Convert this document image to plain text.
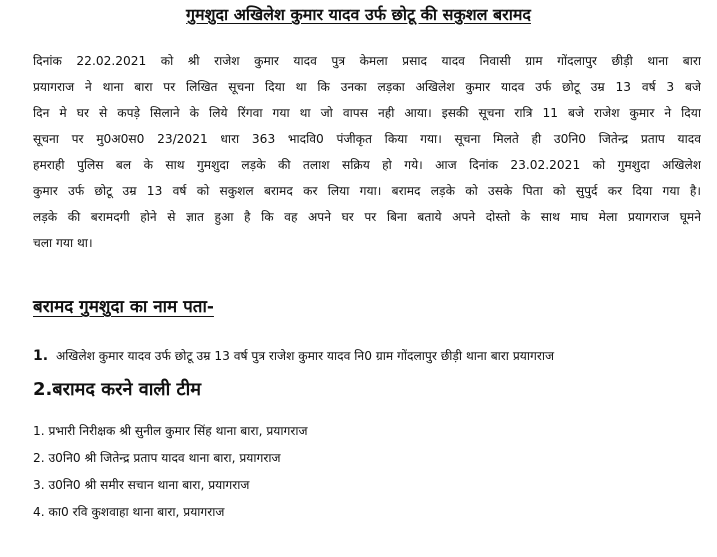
गुमशुदा अखिलेश कुमार यादव उर्फ छोटू की सकुशल बरामद
दिनांक 22.02.2021 को श्री राजेश कुमार यादव पुत्र केमला प्रसाद यादव निवासी ग्राम गोंदलापुर छीड़ी थाना बारा
प्रयागराज ने थाना बारा पर लिखित सूचना दिया था कि उनका लड़का अखिलेश कुमार यादव उर्फ छोटू उम्र 13 वर्ष 3 बजे
दिन मे घर से कपड़े सिलाने के लिये रिंगवा गया था जो वापस नही आया। इसकी सूचना रात्रि 11 बजे राजेश कुमार ने दिया
सूचना पर मु0अ0स0 23/2021 धारा 363 भादवि0 पंजीकृत किया गया। सूचना मिलते ही उ0नि0 जितेन्द्र प्रताप यादव
हमराही पुलिस बल के साथ गुमशुदा लड़के की तलाश सक्रिय हो गये। आज दिनांक 23.02.2021 को गुमशुदा अखिलेश
कुमार उर्फ छोटू उम्र 13 वर्ष को सकुशल बरामद कर लिया गया। बरामद लड़के को उसके पिता को सुपुर्द कर दिया गया है।
लड़के की बरामदगी होने से ज्ञात हुआ है कि वह अपने घर पर बिना बताये अपने दोस्तो के साथ माघ मेला प्रयागराज घूमने
चला गया था।
बरामद गुमशुदा का नाम पता-
1. अखिलेश कुमार यादव उर्फ छोटू उम्र 13 वर्ष पुत्र राजेश कुमार यादव नि0 ग्राम गोंदलापुर छीड़ी थाना बारा प्रयागराज
2.बरामद करने वाली टीम
1. प्रभारी निरीक्षक श्री सुनील कुमार सिंह थाना बारा, प्रयागराज
2. उ0नि0 श्री जितेन्द्र प्रताप यादव थाना बारा, प्रयागराज
3. उ0नि0 श्री समीर सचान थाना बारा, प्रयागराज
4. का0 रवि कुशवाहा थाना बारा, प्रयागराज
